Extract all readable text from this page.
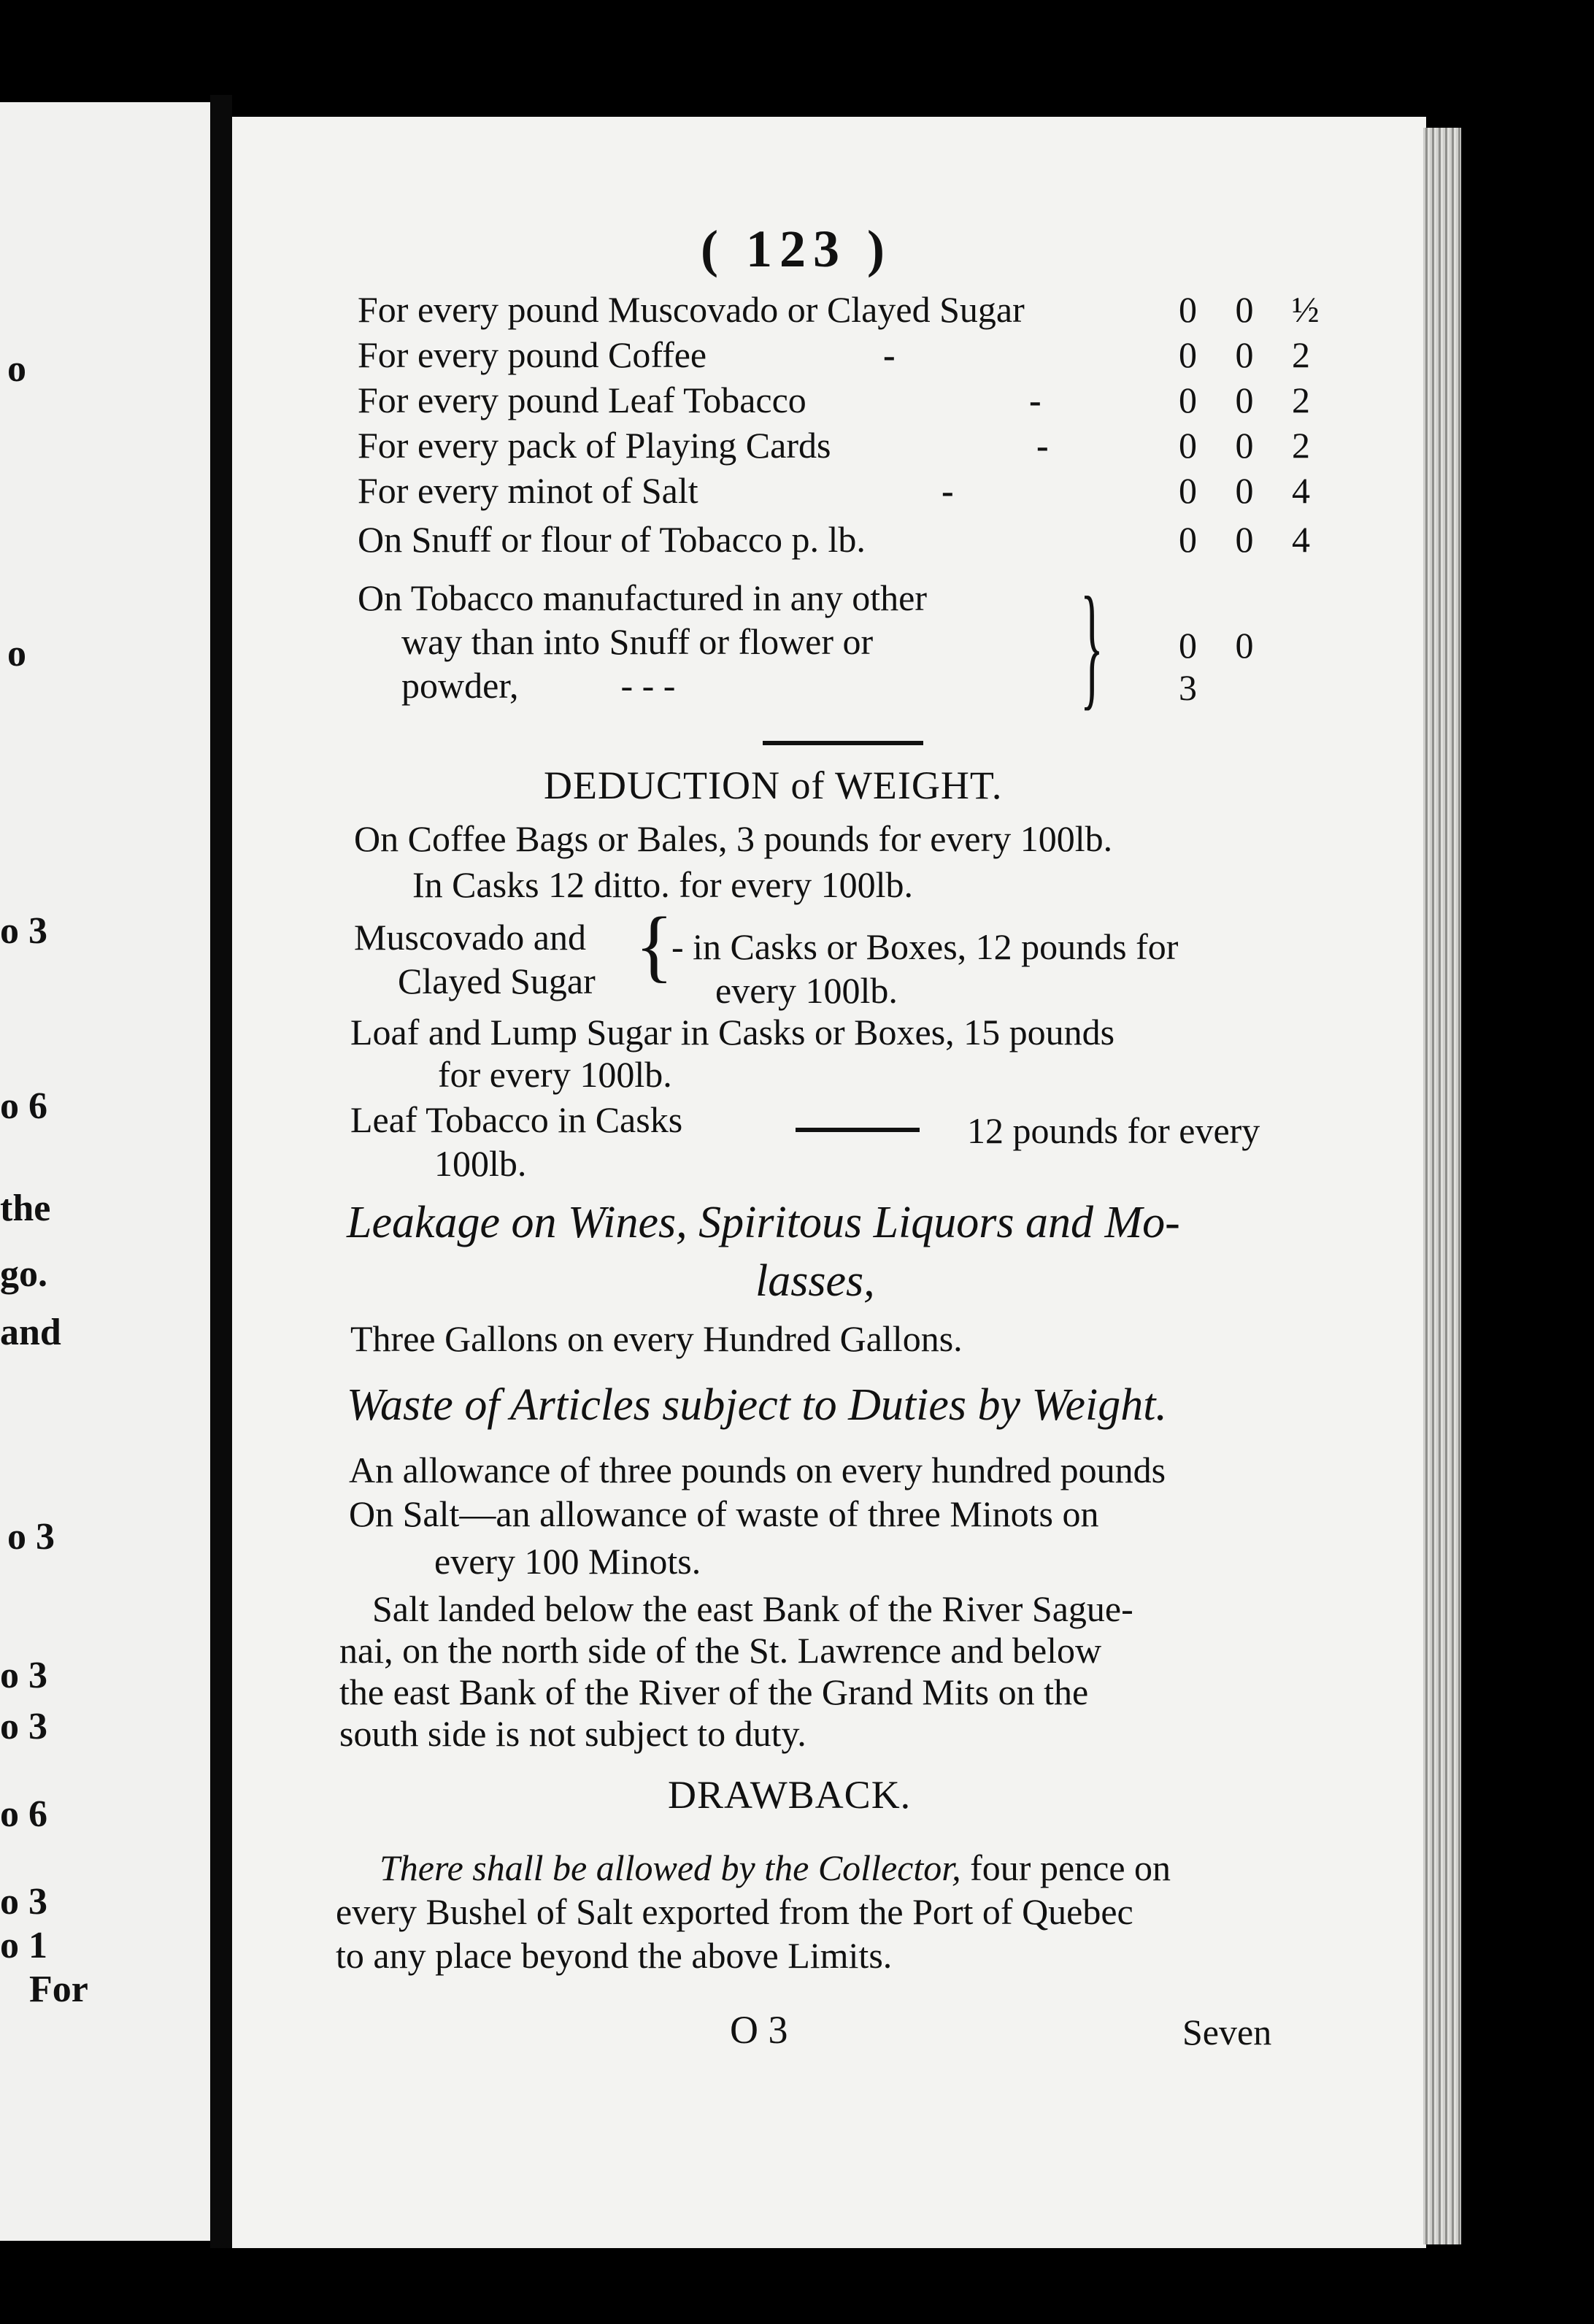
o
o
o 3
o 6
the
go.
and
o 3
o 3
o 3
o 6
o 3
o 1
For
( 123 )
For every pound Muscovado or Clayed Sugar	0 0 ½
For every pound Coffee	-	0 0 2
For every pound Leaf Tobacco	-	0 0 2
For every pack of Playing Cards	-	0 0 2
For every minot of Salt	-	0 0 4
On Snuff or flour of Tobacco p. lb.	0 0 4
On Tobacco manufactured in any other
way than into Snuff or flower or
powder,	- - -	} 0 0 3
DEDUCTION of WEIGHT.
On Coffee Bags or Bales, 3 pounds for every 100lb.
In Casks 12 ditto. for every 100lb.
Muscovado and
Clayed Sugar {
- in Casks or Boxes, 12 pounds for
every 100lb.
Loaf and Lump Sugar in Casks or Boxes, 15 pounds
for every 100lb.
Leaf Tobacco in Casks	12 pounds for every
100lb.
Leakage on Wines, Spiritous Liquors and Mo-
lasses,
Three Gallons on every Hundred Gallons.
Waste of Articles subject to Duties by Weight.
An allowance of three pounds on every hundred pounds
On Salt—an allowance of waste of three Minots on
every 100 Minots.
Salt landed below the east Bank of the River Sague-
nai, on the north side of the St. Lawrence and below
the east Bank of the River of the Grand Mits on the
south side is not subject to duty.
DRAWBACK.
There shall be allowed by the Collector, four pence on
every Bushel of Salt exported from the Port of Quebec
to any place beyond the above Limits.
O 3	Seven
